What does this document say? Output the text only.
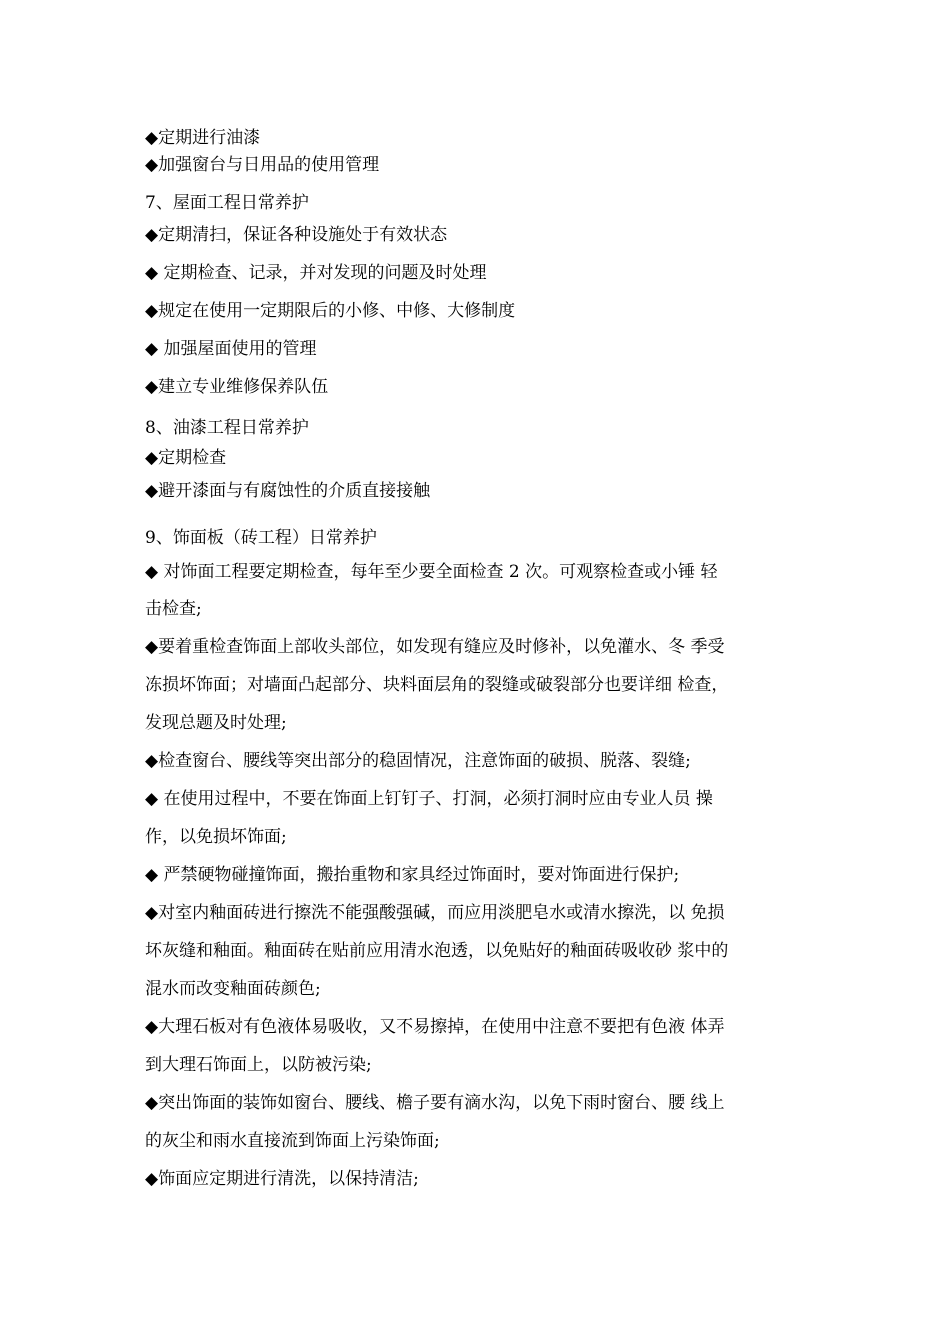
◆定期进行油漆
◆加强窗台与日用品的使用管理
7、屋面工程日常养护
◆定期清扫，保证各种设施处于有效状态
◆ 定期检查、记录，并对发现的问题及时处理
◆规定在使用一定期限后的小修、中修、大修制度
◆ 加强屋面使用的管理
◆建立专业维修保养队伍
8、油漆工程日常养护
◆定期检查
◆避开漆面与有腐蚀性的介质直接接触
9、饰面板（砖工程）日常养护
◆ 对饰面工程要定期检查，每年至少要全面检查 2 次。可观察检查或小锤 轻
击检查;
◆要着重检查饰面上部收头部位，如发现有缝应及时修补，以免灌水、冬 季受
冻损坏饰面；对墙面凸起部分、块料面层角的裂缝或破裂部分也要详细 检查，
发现总题及时处理;
◆检查窗台、腰线等突出部分的稳固情况，注意饰面的破损、脱落、裂缝;
◆ 在使用过程中，不要在饰面上钉钉子、打洞，必须打洞时应由专业人员 操
作，以免损坏饰面;
◆ 严禁硬物碰撞饰面，搬抬重物和家具经过饰面时，要对饰面进行保护;
◆对室内釉面砖进行擦洗不能强酸强碱，而应用淡肥皂水或清水擦洗，以 免损
坏灰缝和釉面。釉面砖在贴前应用清水泡透，以免贴好的釉面砖吸收砂 浆中的
混水而改变釉面砖颜色;
◆大理石板对有色液体易吸收，又不易擦掉，在使用中注意不要把有色液 体弄
到大理石饰面上，以防被污染;
◆突出饰面的装饰如窗台、腰线、檐子要有滴水沟，以免下雨时窗台、腰 线上
的灰尘和雨水直接流到饰面上污染饰面;
◆饰面应定期进行清洗，以保持清洁;
